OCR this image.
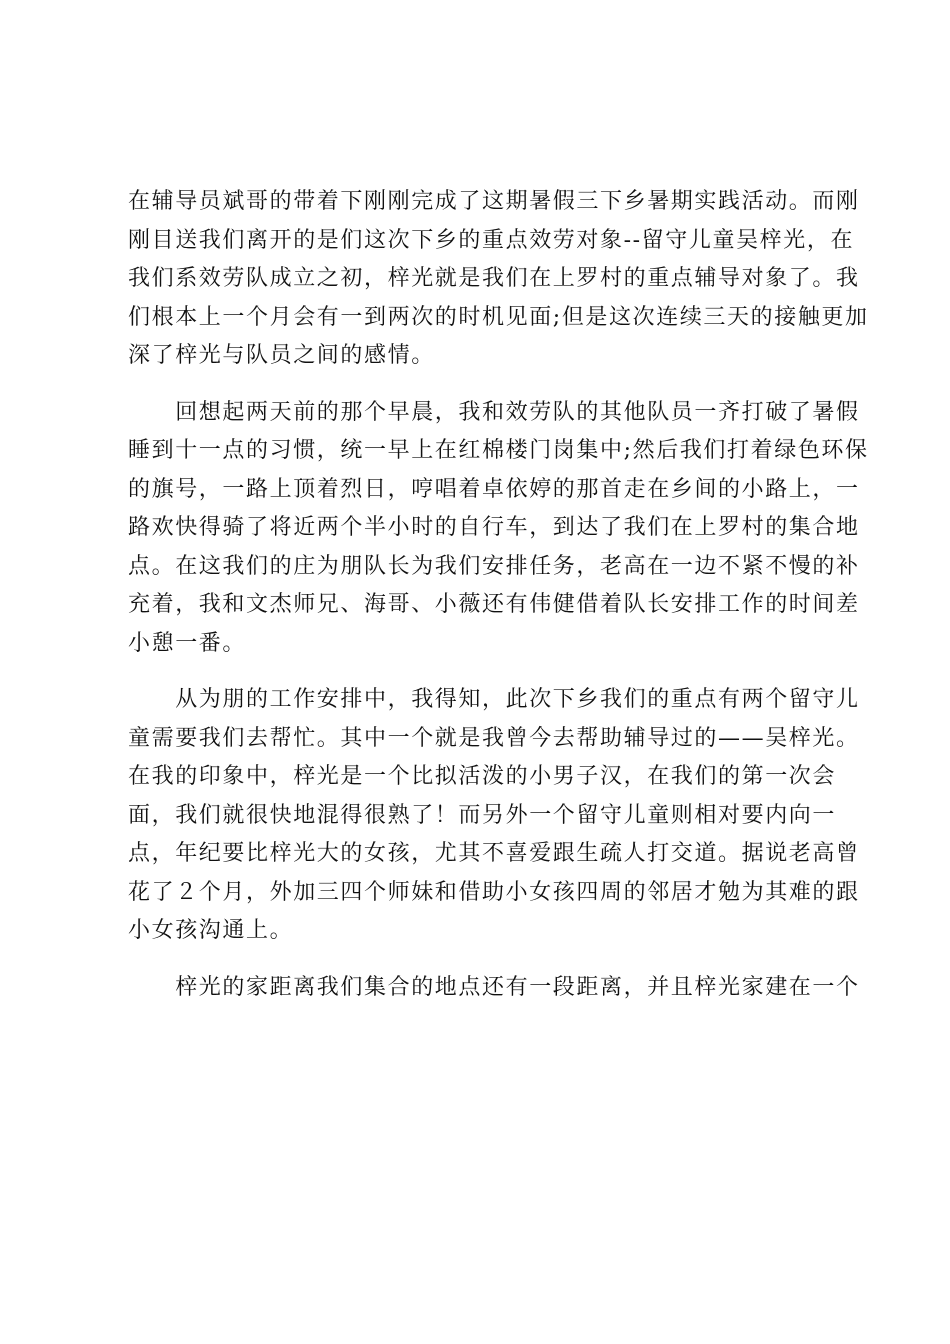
在辅导员斌哥的带着下刚刚完成了这期暑假三下乡暑期实践活动。而刚
刚目送我们离开的是们这次下乡的重点效劳对象--留守儿童吴梓光，在
我们系效劳队成立之初，梓光就是我们在上罗村的重点辅导对象了。我
们根本上一个月会有一到两次的时机见面;但是这次连续三天的接触更加
深了梓光与队员之间的感情。
　　回想起两天前的那个早晨，我和效劳队的其他队员一齐打破了暑假
睡到十一点的习惯，统一早上在红棉楼门岗集中;然后我们打着绿色环保
的旗号，一路上顶着烈日，哼唱着卓依婷的那首走在乡间的小路上，一
路欢快得骑了将近两个半小时的自行车，到达了我们在上罗村的集合地
点。在这我们的庄为朋队长为我们安排任务，老高在一边不紧不慢的补
充着，我和文杰师兄、海哥、小薇还有伟健借着队长安排工作的时间差
小憩一番。
　　从为朋的工作安排中，我得知，此次下乡我们的重点有两个留守儿
童需要我们去帮忙。其中一个就是我曾今去帮助辅导过的——吴梓光。
在我的印象中，梓光是一个比拟活泼的小男子汉，在我们的第一次会
面，我们就很快地混得很熟了！而另外一个留守儿童则相对要内向一
点，年纪要比梓光大的女孩，尤其不喜爱跟生疏人打交道。据说老高曾
花了２个月，外加三四个师妹和借助小女孩四周的邻居才勉为其难的跟
小女孩沟通上。
　　梓光的家距离我们集合的地点还有一段距离，并且梓光家建在一个
